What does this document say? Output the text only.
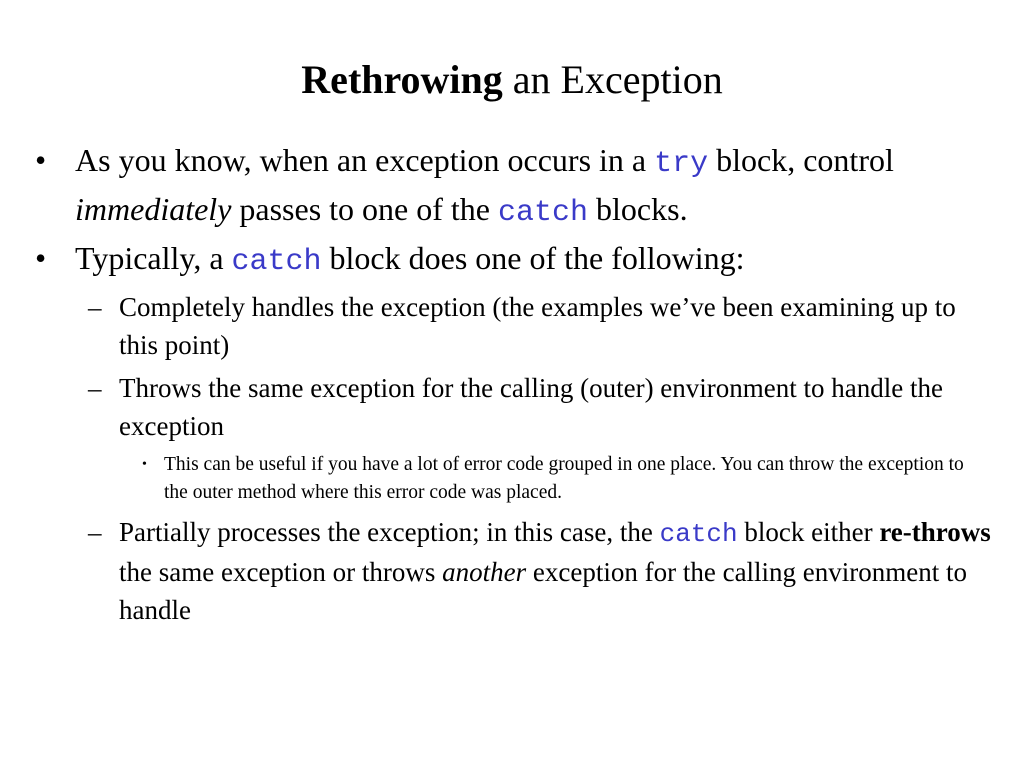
Rethrowing an Exception
• As you know, when an exception occurs in a try block, control immediately passes to one of the catch blocks.
• Typically, a catch block does one of the following:
– Completely handles the exception (the examples we’ve been examining up to this point)
– Throws the same exception for the calling (outer) environment to handle the exception
• This can be useful if you have a lot of error code grouped in one place. You can throw the exception to the outer method where this error code was placed.
– Partially processes the exception; in this case, the catch block either re-throws the same exception or throws another exception for the calling environment to handle
